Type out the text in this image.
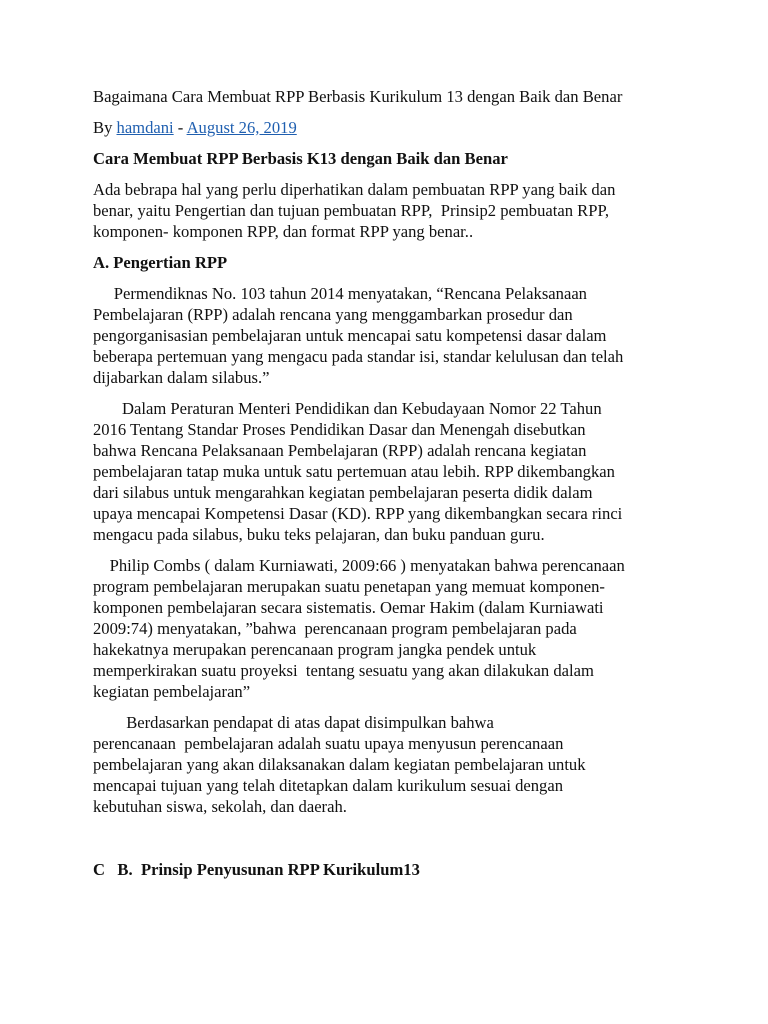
Bagaimana Cara Membuat RPP Berbasis Kurikulum 13 dengan Baik dan Benar
By hamdani - August 26, 2019
Cara Membuat RPP Berbasis K13 dengan Baik dan Benar
Ada bebrapa hal yang perlu diperhatikan dalam pembuatan RPP yang baik dan
benar, yaitu Pengertian dan tujuan pembuatan RPP,  Prinsip2 pembuatan RPP,
komponen- komponen RPP, dan format RPP yang benar..
A. Pengertian RPP
Permendiknas No. 103 tahun 2014 menyatakan, “Rencana Pelaksanaan
Pembelajaran (RPP) adalah rencana yang menggambarkan prosedur dan
pengorganisasian pembelajaran untuk mencapai satu kompetensi dasar dalam
beberapa pertemuan yang mengacu pada standar isi, standar kelulusan dan telah
dijabarkan dalam silabus.”
Dalam Peraturan Menteri Pendidikan dan Kebudayaan Nomor 22 Tahun
2016 Tentang Standar Proses Pendidikan Dasar dan Menengah disebutkan
bahwa Rencana Pelaksanaan Pembelajaran (RPP) adalah rencana kegiatan
pembelajaran tatap muka untuk satu pertemuan atau lebih. RPP dikembangkan
dari silabus untuk mengarahkan kegiatan pembelajaran peserta didik dalam
upaya mencapai Kompetensi Dasar (KD). RPP yang dikembangkan secara rinci
mengacu pada silabus, buku teks pelajaran, dan buku panduan guru.
Philip Combs ( dalam Kurniawati, 2009:66 ) menyatakan bahwa perencanaan
program pembelajaran merupakan suatu penetapan yang memuat komponen-
komponen pembelajaran secara sistematis. Oemar Hakim (dalam Kurniawati
2009:74) menyatakan, ”bahwa  perencanaan program pembelajaran pada
hakekatnya merupakan perencanaan program jangka pendek untuk
memperkirakan suatu proyeksi  tentang sesuatu yang akan dilakukan dalam
kegiatan pembelajaran”
Berdasarkan pendapat di atas dapat disimpulkan bahwa
perencanaan  pembelajaran adalah suatu upaya menyusun perencanaan
pembelajaran yang akan dilaksanakan dalam kegiatan pembelajaran untuk
mencapai tujuan yang telah ditetapkan dalam kurikulum sesuai dengan
kebutuhan siswa, sekolah, dan daerah.
C   B.  Prinsip Penyusunan RPP Kurikulum13
